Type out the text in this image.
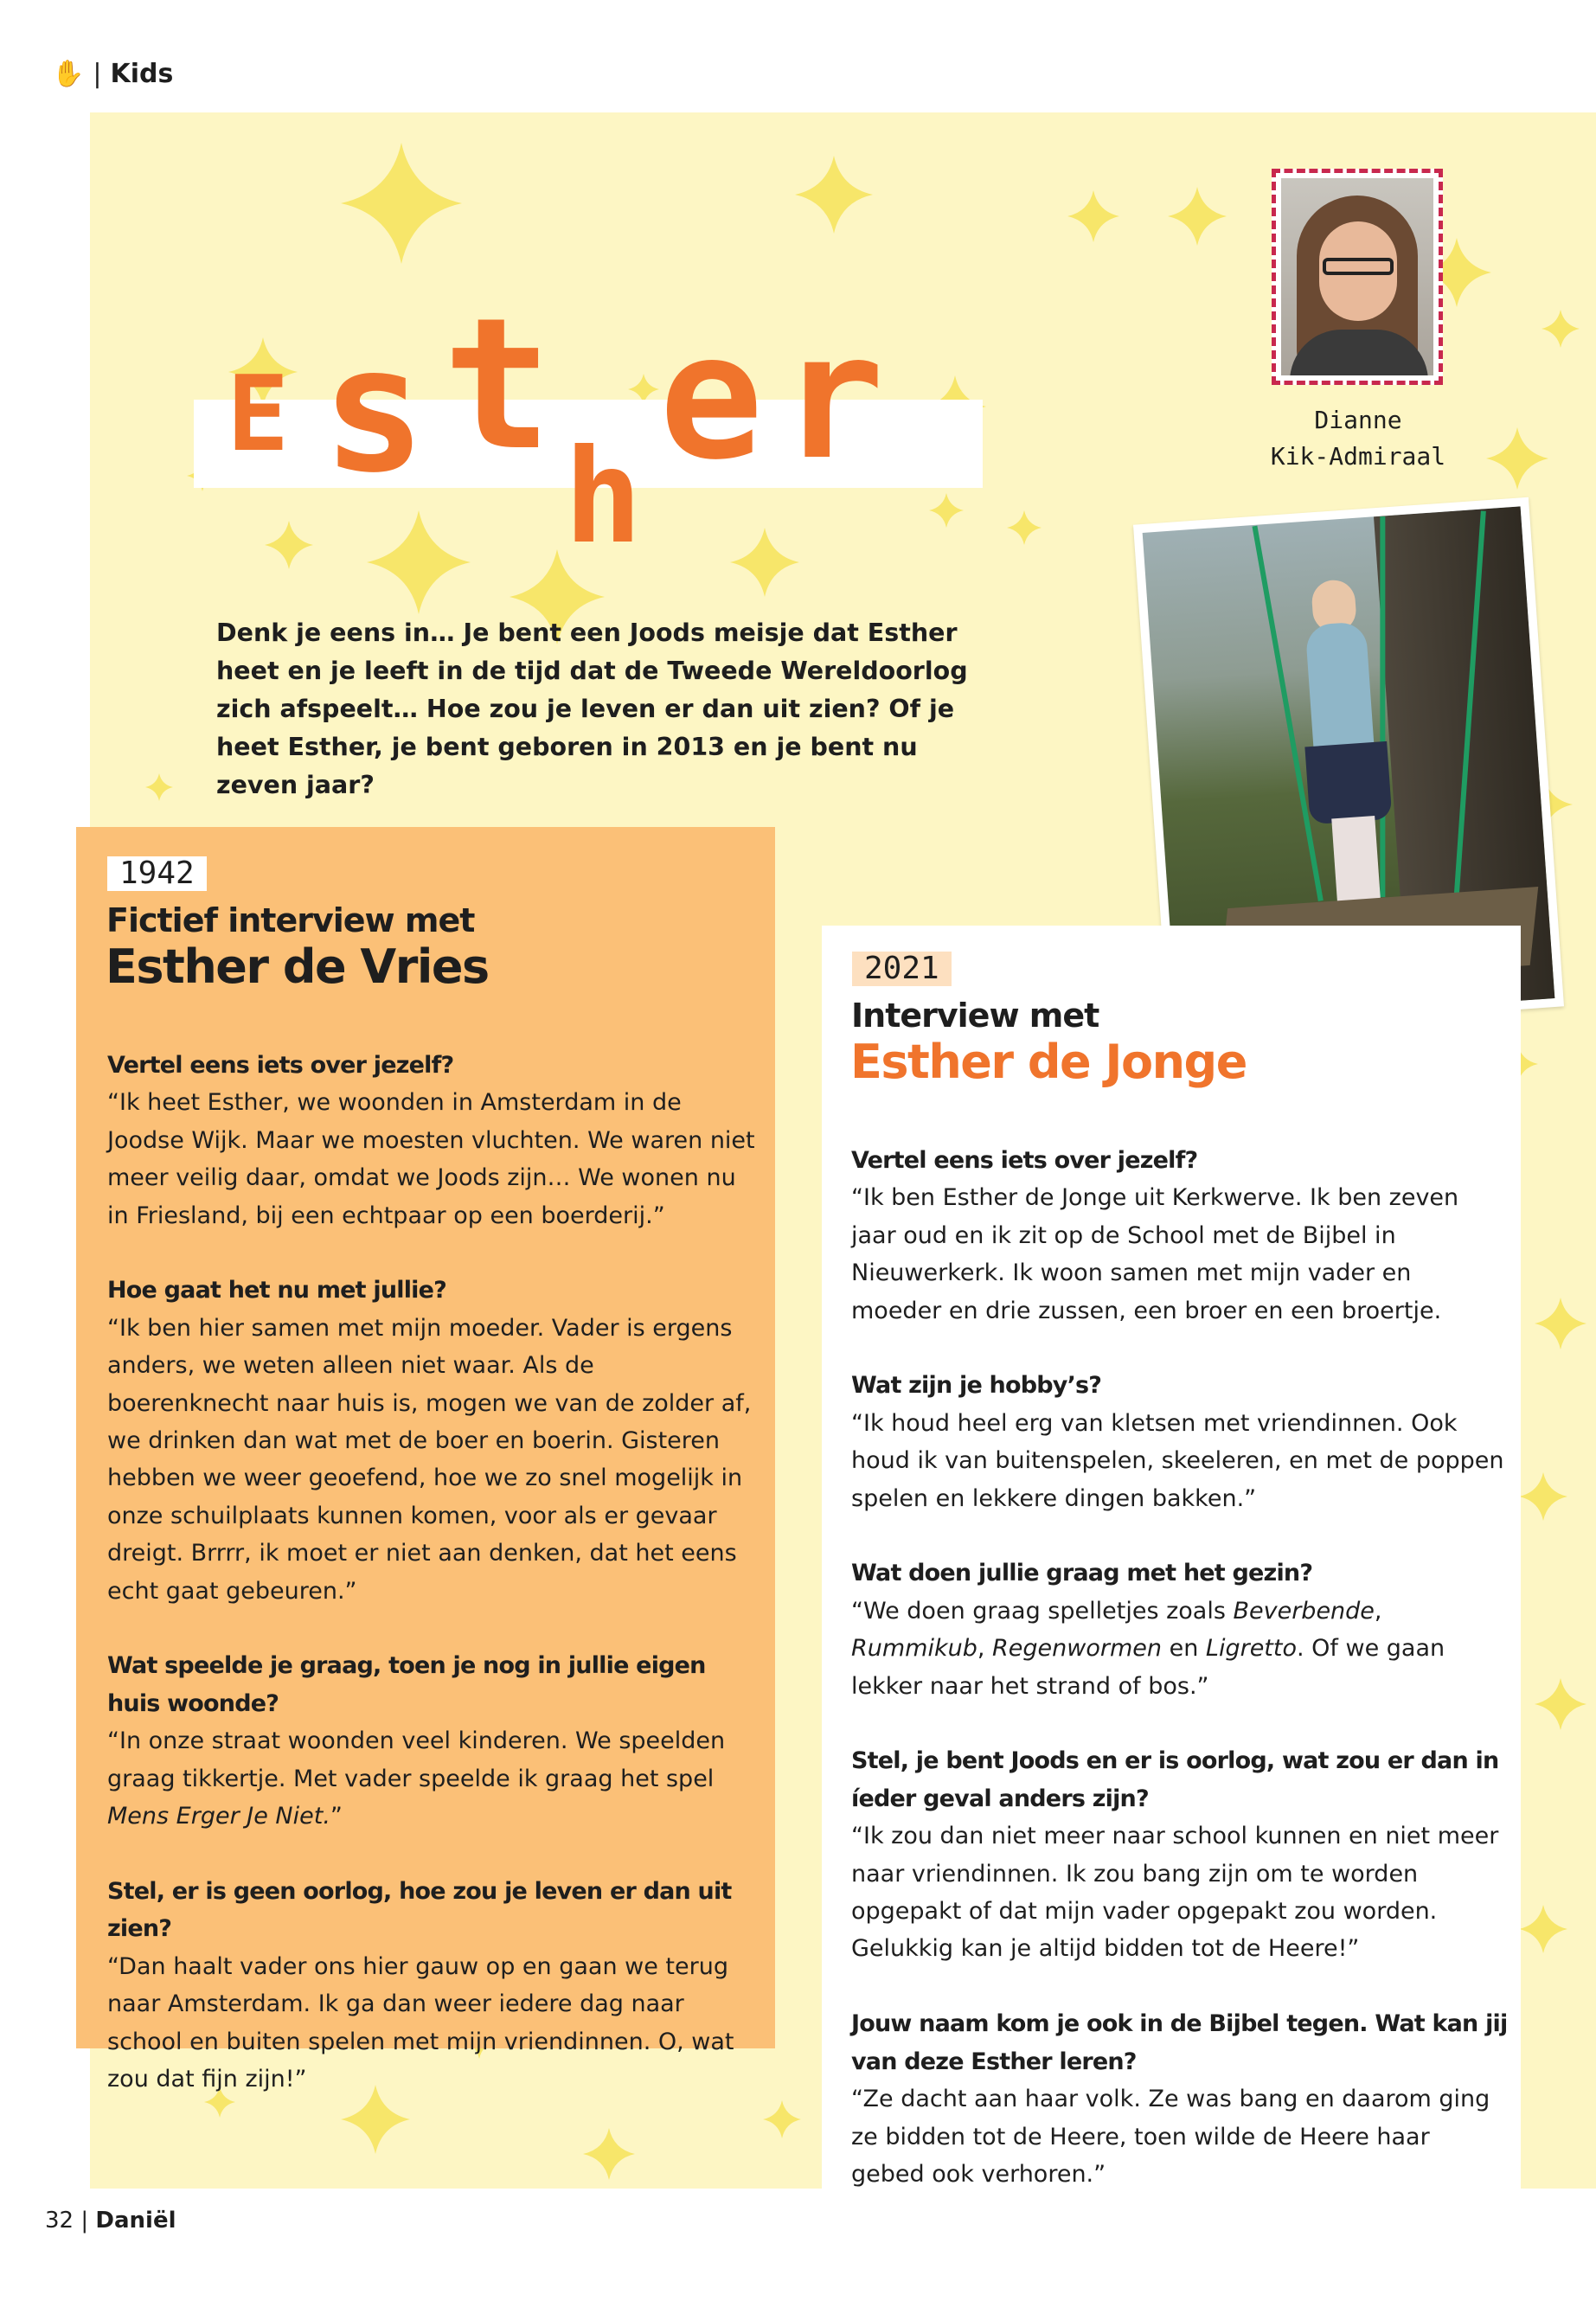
✋ | Kids
E s t
h e r	Dianne
Kik-Admiraal
Denk je eens in… Je bent een Joods meisje dat Esther heet en je leeft in de tijd dat de Tweede Wereldoorlog zich afspeelt… Hoe zou je leven er dan uit zien? Of je heet Esther, je bent geboren in 2013 en je bent nu zeven jaar?
1942
Fictief interview met
Esther de Vries
Vertel eens iets over jezelf?
“Ik heet Esther, we woonden in Amsterdam in de Joodse Wijk. Maar we moesten vluchten. We waren niet meer veilig daar, omdat we Joods zijn… We wonen nu in Friesland, bij een echtpaar op een boerderij.”
Hoe gaat het nu met jullie?
“Ik ben hier samen met mijn moeder. Vader is ergens anders, we weten alleen niet waar. Als de boerenknecht naar huis is, mogen we van de zolder af, we drinken dan wat met de boer en boerin. Gisteren hebben we weer geoefend, hoe we zo snel mogelijk in onze schuilplaats kunnen komen, voor als er gevaar dreigt. Brrrr, ik moet er niet aan denken, dat het eens echt gaat gebeuren.”
Wat speelde je graag, toen je nog in jullie eigen huis woonde?
“In onze straat woonden veel kinderen. We speelden graag tikkertje. Met vader speelde ik graag het spel Mens Erger Je Niet.”
Stel, er is geen oorlog, hoe zou je leven er dan uit zien?
“Dan haalt vader ons hier gauw op en gaan we terug naar Amsterdam. Ik ga dan weer iedere dag naar school en buiten spelen met mijn vriendinnen. O, wat zou dat fijn zijn!”
2021
Interview met
Esther de Jonge
Vertel eens iets over jezelf?
“Ik ben Esther de Jonge uit Kerkwerve. Ik ben zeven jaar oud en ik zit op de School met de Bijbel in Nieuwerkerk. Ik woon samen met mijn vader en moeder en drie zussen, een broer en een broertje.
Wat zijn je hobby’s?
“Ik houd heel erg van kletsen met vriendinnen. Ook houd ik van buitenspelen, skeeleren, en met de poppen spelen en lekkere dingen bakken.”
Wat doen jullie graag met het gezin?
“We doen graag spelletjes zoals Beverbende, Rummikub, Regenwormen en Ligretto. Of we gaan lekker naar het strand of bos.”
Stel, je bent Joods en er is oorlog, wat zou er dan in íeder geval anders zijn?
“Ik zou dan niet meer naar school kunnen en niet meer naar vriendinnen. Ik zou bang zijn om te worden opgepakt of dat mijn vader opgepakt zou worden. Gelukkig kan je altijd bidden tot de Heere!”
Jouw naam kom je ook in de Bijbel tegen. Wat kan jij van deze Esther leren?
“Ze dacht aan haar volk. Ze was bang en daarom ging ze bidden tot de Heere, toen wilde de Heere haar gebed ook verhoren.”
32 | Daniël
